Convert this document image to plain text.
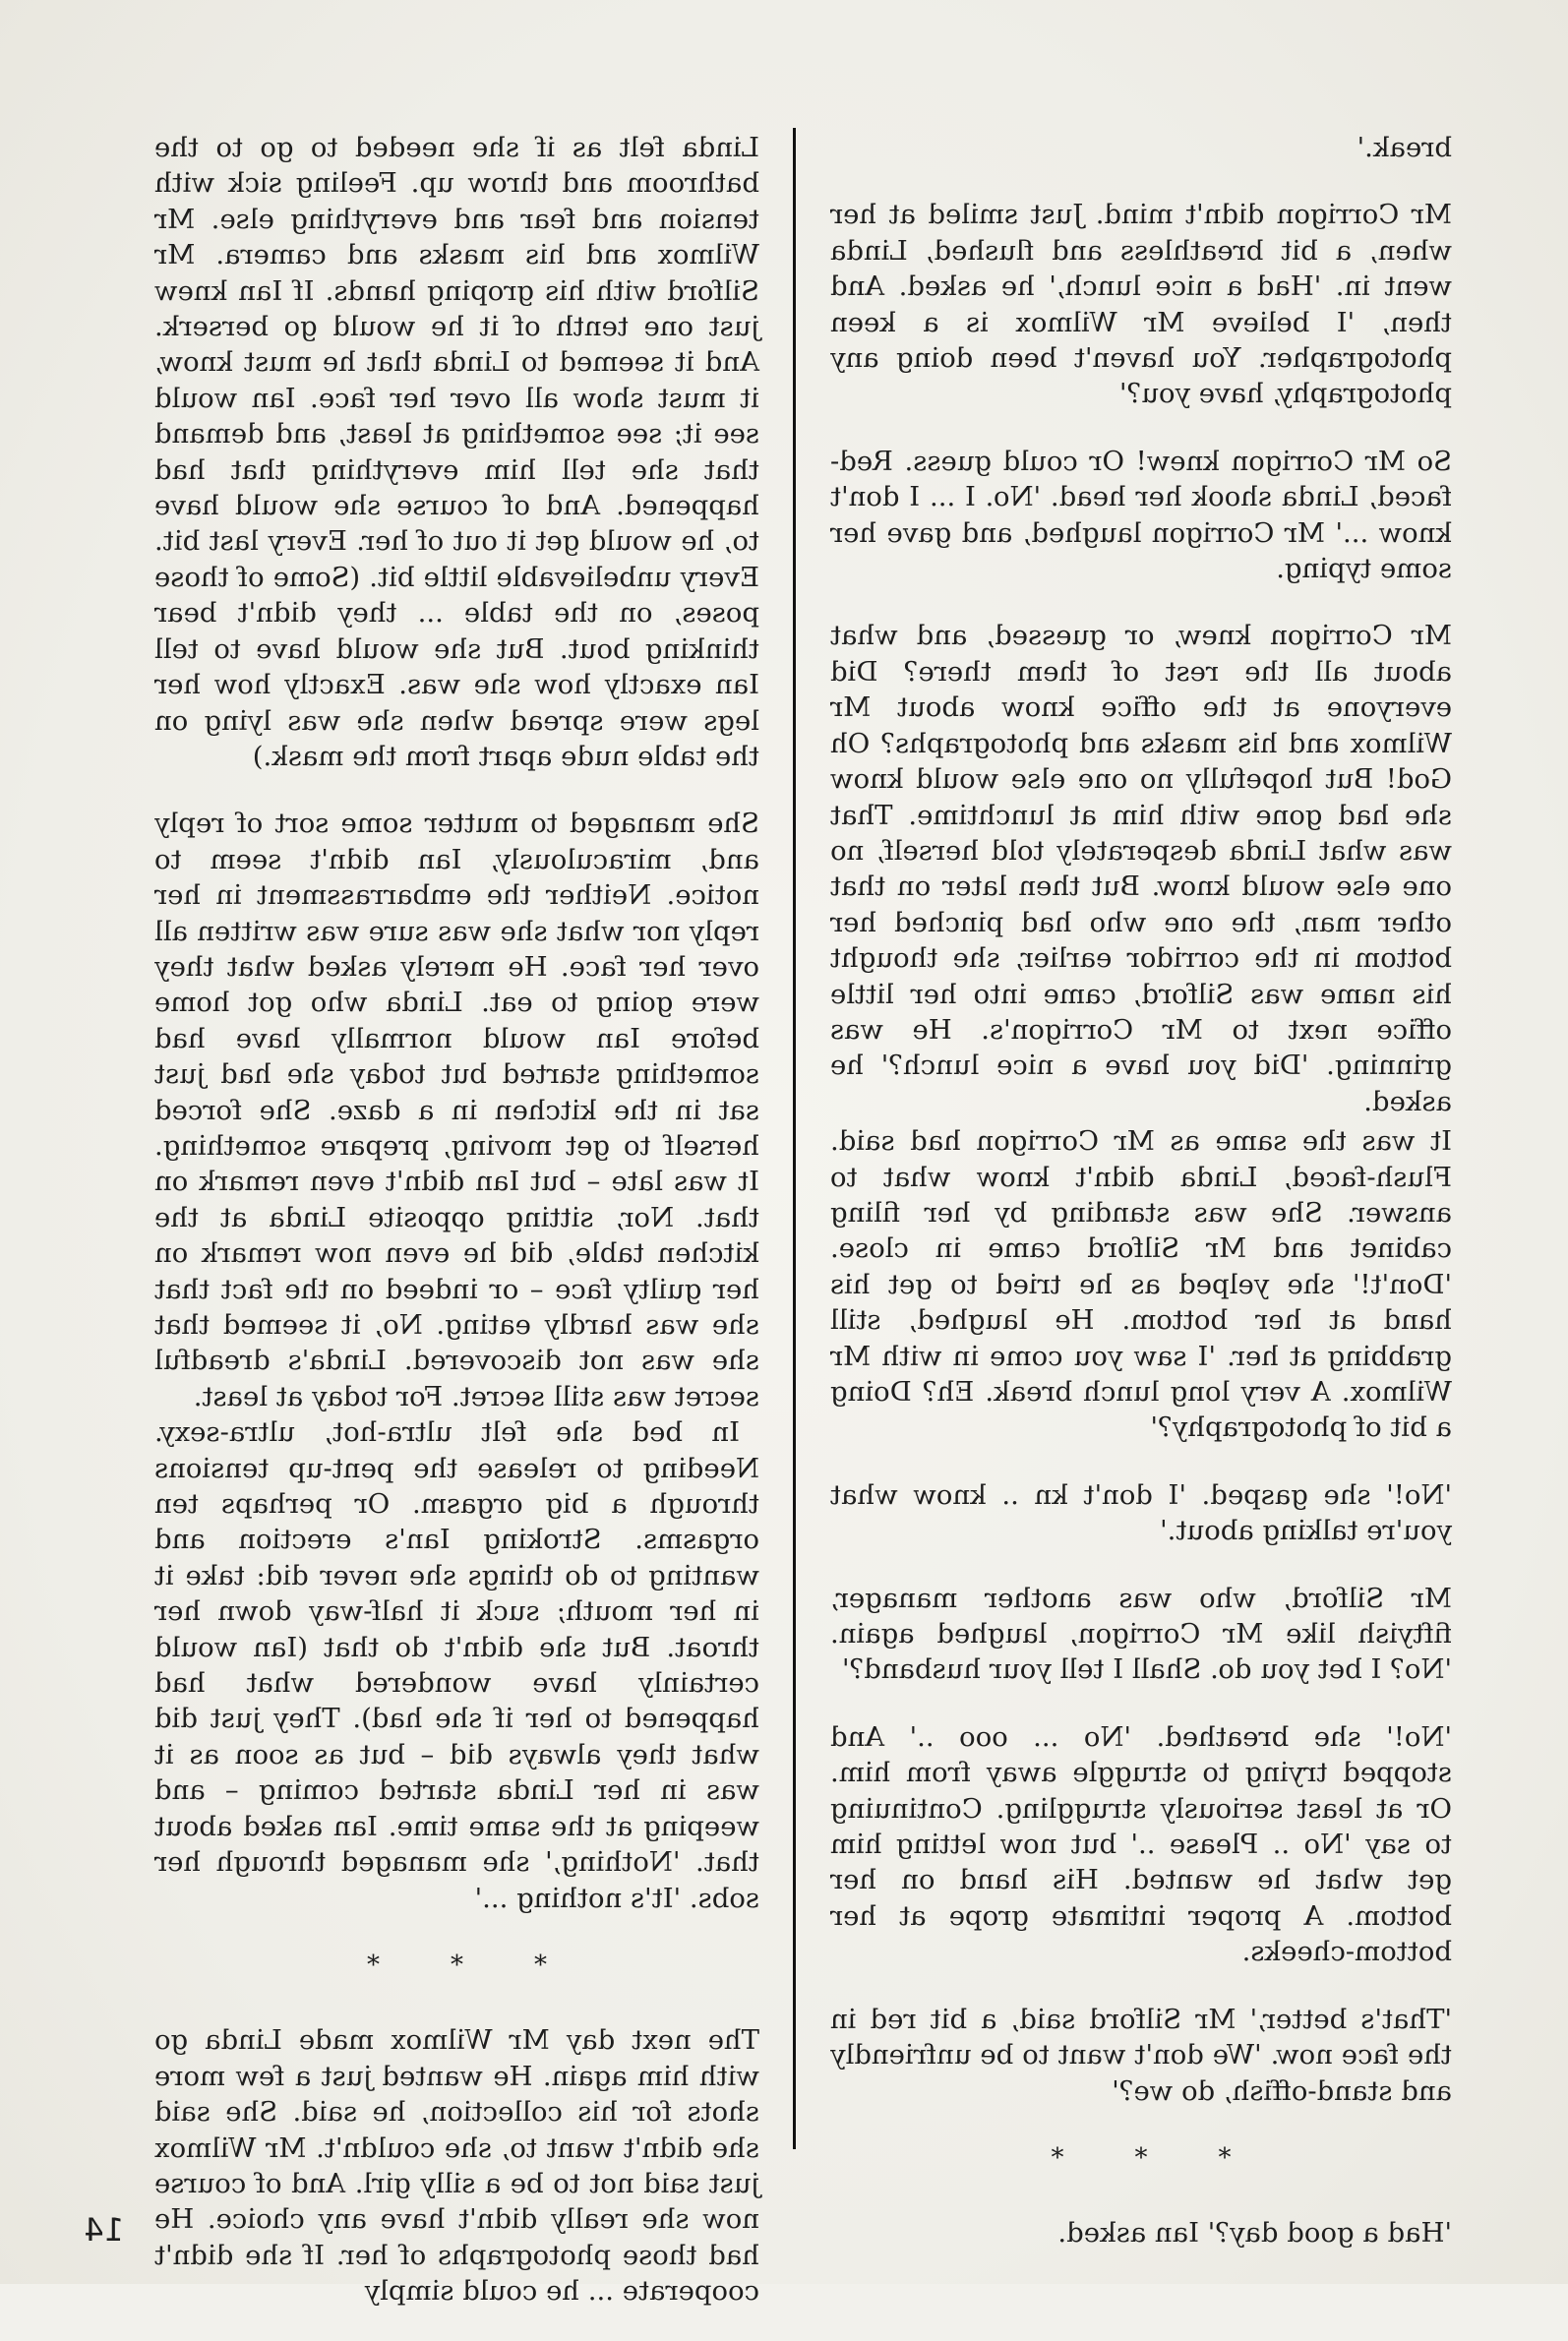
break.'

Mr Corrigon didn't mind. Just smiled at her when, a bit breathless and flushed, Linda went in. 'Had a nice lunch,' he asked. And then, 'I believe Mr Wilmox is a keen photographer. You haven't been doing any photography, have you?'

So Mr Corrigon knew! Or could guess. Red-faced, Linda shook her head. 'No. I ... I don't know ...' Mr Corrigon laughed, and gave her some typing.

Mr Corrigon knew, or guessed, and what about all the rest of them there? Did everyone at the office know about Mr Wilmox and his masks and photographs? Oh God! But hopefully no one else would know she had gone with him at lunchtime. That was what Linda desperately told herself, no one else would know. But then later on that other man, the one who had pinched her bottom in the corridor earlier, she thought his name was Silford, came into her little office next to Mr Corrigon's. He was grinning. 'Did you have a nice lunch?' he asked.

It was the same as Mr Corrigon had said. Flush-faced, Linda didn't know what to answer. She was standing by her filing cabinet and Mr Silford came in close. 'Don't!' she yelped as he tried to get his hand at her bottom. He laughed, still grabbing at her. 'I saw you come in with Mr Wilmox. A very long lunch break. Eh? Doing a bit of photography?'

'No!' she gasped. 'I don't kn .. know what you're talking about.'

Mr Silford, who was another manager, fiftyish like Mr Corrigon, laughed again. 'No? I bet you do. Shall I tell your husband?'

'No!' she breathed. 'No ... ooo ..' And stopped trying to struggle away from him. Or at least seriously struggling. Continuing to say 'No .. Please ..' but now letting him get what he wanted. His hand on her bottom. A proper intimate grope at her bottom-cheeks.

'That's better,' Mr Silford said, a bit red in the face now. 'We don't want to be unfriendly and stand-offish, do we?'

*
*
*

'Had a good day?' Ian asked.

Linda felt as if she needed to go to the bathroom and throw up. Feeling sick with tension and fear and everything else. Mr Wilmox and his masks and camera. Mr Silford with his groping hands. If Ian knew just one tenth of it he would go berserk. And it seemed to Linda that he must know, it must show all over her face. Ian would see it; see something at least, and demand that she tell him everything that had happened. And of course she would have to, he would get it out of her. Every last bit. Every unbelievable little bit. (Some of those poses, on the table ... they didn't bear thinking bout. But she would have to tell Ian exactly how she was. Exactly how her legs were spread when she was lying on the table nude apart from the mask.)

She managed to mutter some sort of reply and, miraculously, Ian didn't seem to notice. Neither the embarrassment in her reply nor what she was sure was written all over her face. He merely asked what they were going to eat. Linda who got home before Ian would normally have had something started but today she had just sat in the kitchen in a daze. She forced herself to get moving, prepare something. It was late – but Ian didn't even remark on that. Nor, sitting opposite Linda at the kitchen table, did he even now remark on her guilty face – or indeed on the fact that she was hardly eating. No, it seemed that she was not discovered. Linda's dreadful secret was still secret. For today at least.

In bed she felt ultra-hot, ultra-sexy. Needing to release the pent-up tensions through a big orgasm. Or perhaps ten orgasms. Stroking Ian's erection and wanting to do things she never did: take it in her mouth; suck it half-way down her throat. But she didn't do that (Ian would certainly have wondered what had happened to her if she had). They just did what they always did – but as soon as it was in her Linda started coming – and weeping at the same time. Ian asked about that. 'Nothing,' she managed through her sobs. 'It's nothing ...'

*
*
*

The next day Mr Wilmox made Linda go with him again. He wanted just a few more shots for his collection, he said. She said she didn't want to, she couldn't. Mr Wilmox just said not to be a silly girl. And of course now she really didn't have any choice. He had those photographs of her. If she didn't cooperate ... he could simply

14
